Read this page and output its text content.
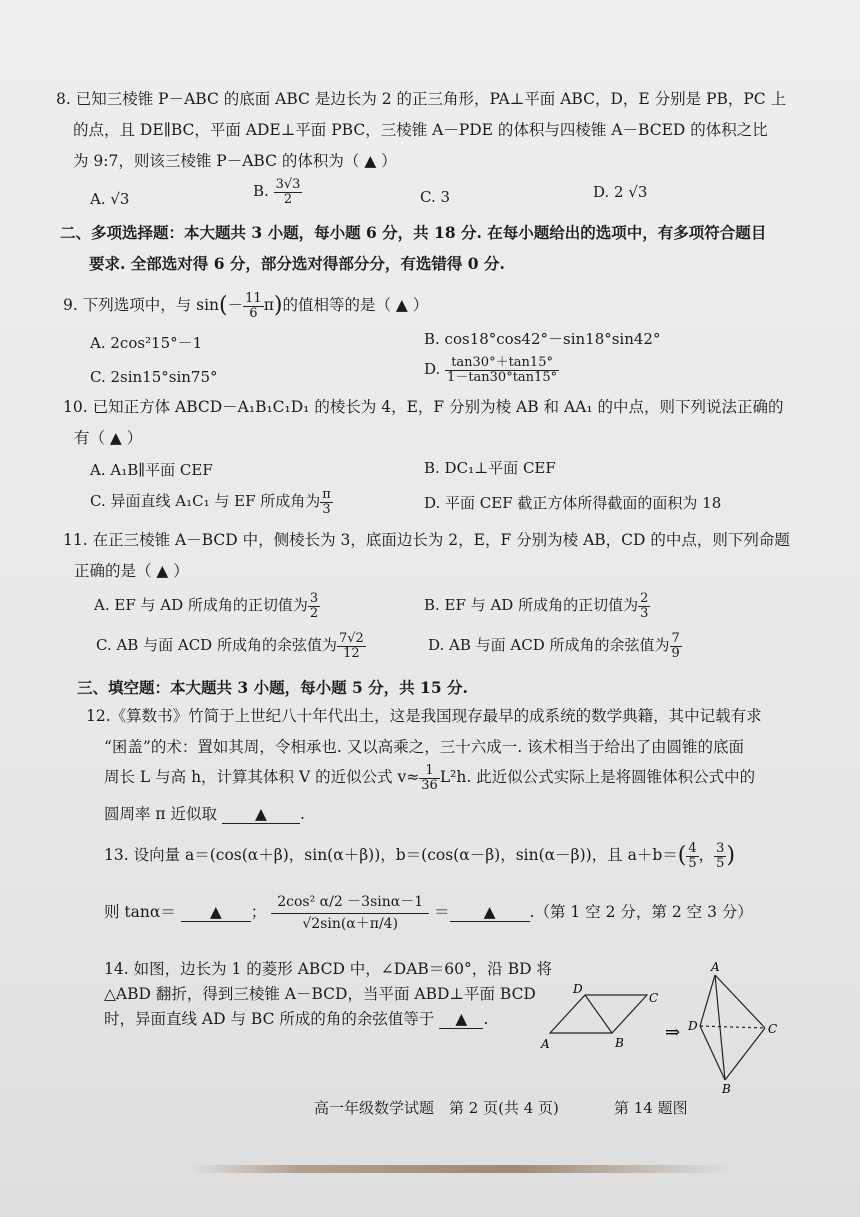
8. 已知三棱锥 P－ABC 的底面 ABC 是边长为 2 的正三角形，PA⊥平面 ABC，D，E 分别是 PB，PC 上
的点，且 DE∥BC，平面 ADE⊥平面 PBC，三棱锥 A－PDE 的体积与四棱锥 A－BCED 的体积之比
为 9:7，则该三棱锥 P－ABC 的体积为（ ▲ ）
A. √3	B. $\frac{3√3}{2}$	C. 3	D. 2 √3
二、多项选择题：本大题共 3 小题，每小题 6 分，共 18 分. 在每小题给出的选项中，有多项符合题目
要求. 全部选对得 6 分，部分选对得部分分，有选错得 0 分.
9. 下列选项中，与 $\sin(- \frac{11}{6} \pi)$的值相等的是（ ▲ ）
A. 2cos²15°－1	B. cos18°cos42°－sin18°sin42°
C. 2sin15°sin75°	D. $\frac{\tan 30^\circ+\tan 15^\circ}{1-\tan 30^\circ\tan 15^\circ}$
10. 已知正方体 ABCD－A₁B₁C₁D₁ 的棱长为 4，E，F 分别为棱 AB 和 AA₁ 的中点，则下列说法正确的
有（ ▲ ）
A. A₁B∥平面 CEF	B. DC₁⊥平面 CEF
C. 异面直线 A₁C₁ 与 EF 所成角为 $\frac{\pi}{3}$	D. 平面 CEF 截正方体所得截面的面积为 18
11. 在正三棱锥 A－BCD 中，侧棱长为 3，底面边长为 2，E，F 分别为棱 AB，CD 的中点，则下列命题
正确的是（ ▲ ）
A. EF 与 AD 所成角的正切值为 $\frac{3}{2}$	B. EF 与 AD 所成角的正切值为 $\frac{2}{3}$
C. AB 与面 ACD 所成角的余弦值为 $\frac{7√2}{12}$	D. AB 与面 ACD 所成角的余弦值为 $\frac{7}{9}$
三、填空题：本大题共 3 小题，每小题 5 分，共 15 分.
12.《算数书》竹简于上世纪八十年代出土，这是我国现存最早的成系统的数学典籍，其中记载有求
“囷盖”的术：置如其周，令相承也. 又以高乘之，三十六成一. 该术相当于给出了由圆锥的底面
周长 L 与高 h，计算其体积 V 的近似公式 $v\approx \frac{1}{36} L^2h$. 此近似公式实际上是将圆锥体积公式中的
圆周率 π 近似取 ▲ .
13. 设向量 a＝(cos(α＋β)，sin(α＋β))，b＝(cos(α－β)，sin(α－β))，且 $a+b=( \frac{4}{5}$ ， $\frac{3}{5}$ )
则 tanα＝ ▲ ； $\frac{\text{2cos² α/2 －3sinα－1}}{√2\sin(\alpha+\pi/4)}$ ＝ ▲ .（第 1 空 2 分，第 2 空 3 分）
14. 如图，边长为 1 的菱形 ABCD 中，∠DAB＝60°，沿 BD 将
△ABD 翻折，得到三棱锥 A－BCD，当平面 ABD⊥平面 BCD
时，异面直线 AD 与 BC 所成的角的余弦值等于 ▲ .
D
C
A	B ⇒
A
D	C
B
高一年级数学试题　第 2 页(共 4 页)	第 14 题图
